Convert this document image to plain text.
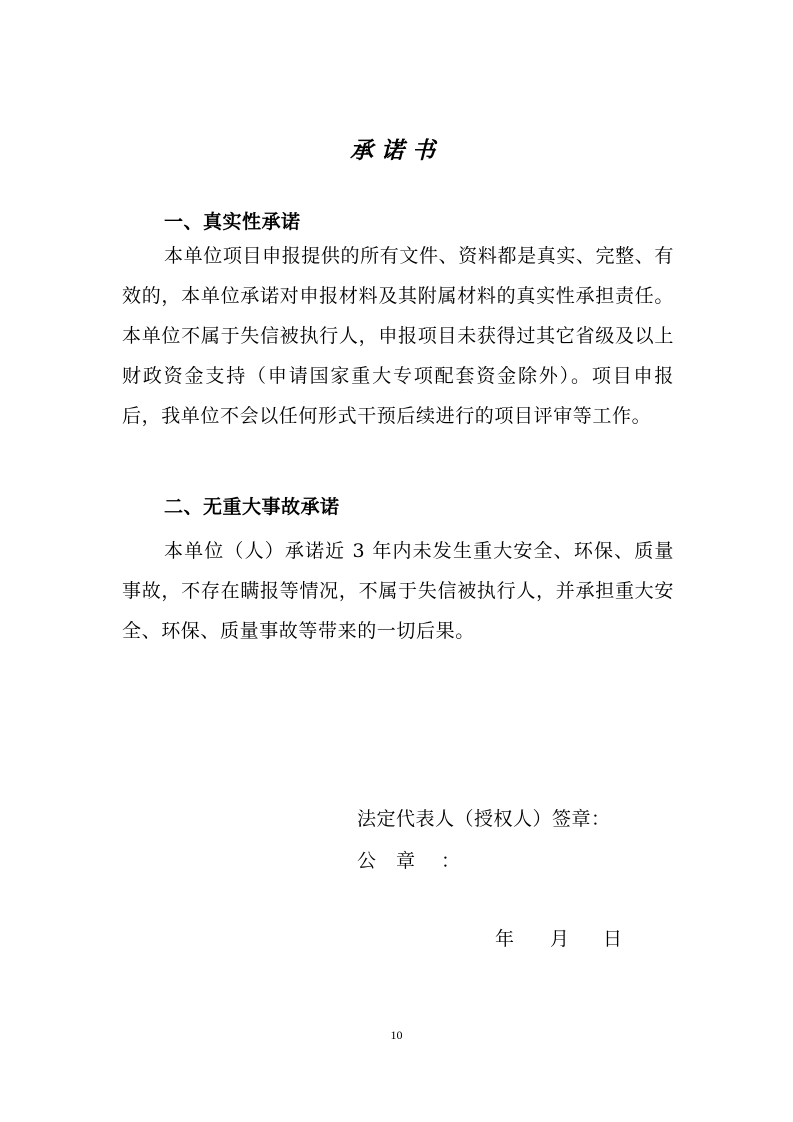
承诺书
一、真实性承诺
本单位项目申报提供的所有文件、资料都是真实、完整、有效的，本单位承诺对申报材料及其附属材料的真实性承担责任。本单位不属于失信被执行人，申报项目未获得过其它省级及以上财政资金支持（申请国家重大专项配套资金除外）。项目申报后，我单位不会以任何形式干预后续进行的项目评审等工作。
二、无重大事故承诺
本单位（人）承诺近 3 年内未发生重大安全、环保、质量事故，不存在瞒报等情况，不属于失信被执行人，并承担重大安全、环保、质量事故等带来的一切后果。
法定代表人（授权人）签章：
公　章 ：
年 月 日
10
